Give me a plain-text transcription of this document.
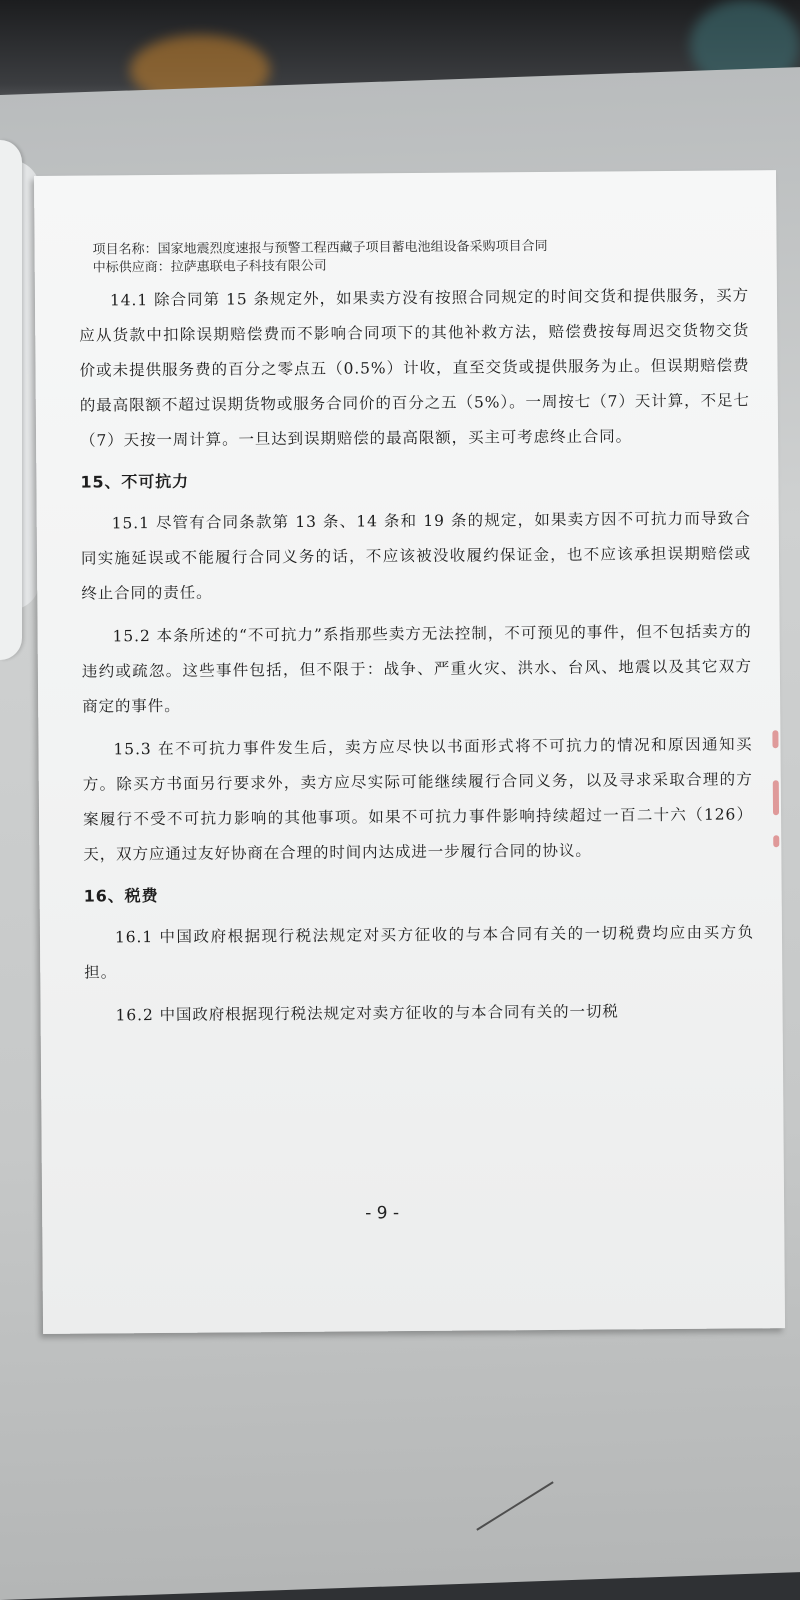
项目名称：国家地震烈度速报与预警工程西藏子项目蓄电池组设备采购项目合同
中标供应商：拉萨惠联电子科技有限公司

14.1 除合同第 15 条规定外，如果卖方没有按照合同规定的时间交货和提供服务，买方应从货款中扣除误期赔偿费而不影响合同项下的其他补救方法，赔偿费按每周迟交货物交货价或未提供服务费的百分之零点五（0.5%）计收，直至交货或提供服务为止。但误期赔偿费的最高限额不超过误期货物或服务合同价的百分之五（5%）。一周按七（7）天计算，不足七（7）天按一周计算。一旦达到误期赔偿的最高限额，买主可考虑终止合同。

15、不可抗力

15.1 尽管有合同条款第 13 条、14 条和 19 条的规定，如果卖方因不可抗力而导致合同实施延误或不能履行合同义务的话，不应该被没收履约保证金，也不应该承担误期赔偿或终止合同的责任。

15.2 本条所述的“不可抗力”系指那些卖方无法控制，不可预见的事件，但不包括卖方的违约或疏忽。这些事件包括，但不限于：战争、严重火灾、洪水、台风、地震以及其它双方商定的事件。

15.3 在不可抗力事件发生后，卖方应尽快以书面形式将不可抗力的情况和原因通知买方。除买方书面另行要求外，卖方应尽实际可能继续履行合同义务，以及寻求采取合理的方案履行不受不可抗力影响的其他事项。如果不可抗力事件影响持续超过一百二十六（126）天，双方应通过友好协商在合理的时间内达成进一步履行合同的协议。

16、税费

16.1 中国政府根据现行税法规定对买方征收的与本合同有关的一切税费均应由买方负担。

16.2 中国政府根据现行税法规定对卖方征收的与本合同有关的一切税

- 9 -
